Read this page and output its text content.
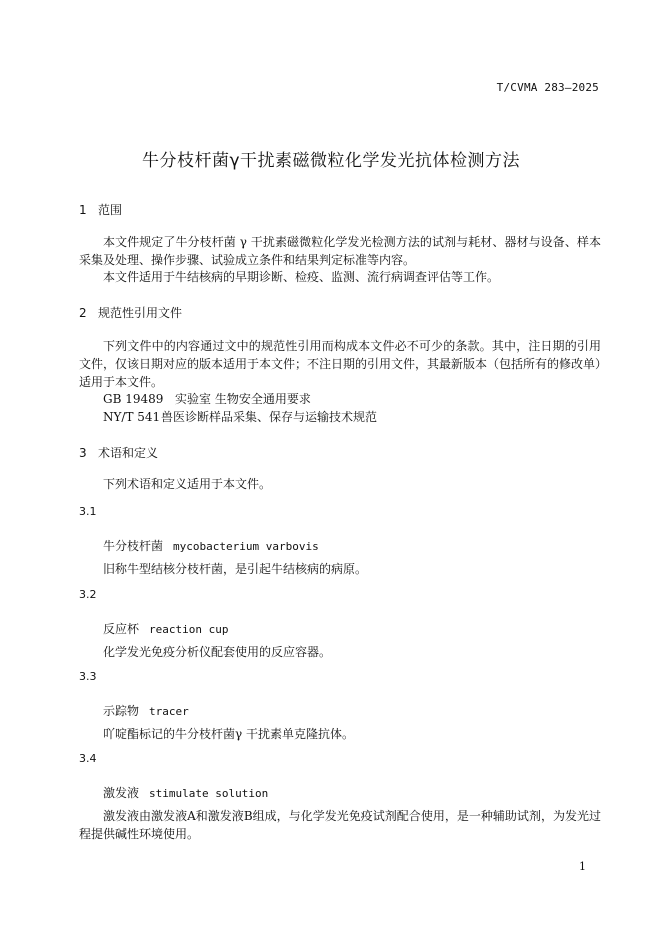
T/CVMA 283—2025
牛分枝杆菌γ干扰素磁微粒化学发光抗体检测方法
1 范围
本文件规定了牛分枝杆菌 γ 干扰素磁微粒化学发光检测方法的试剂与耗材、器材与设备、样本采集及处理、操作步骤、试验成立条件和结果判定标准等内容。
本文件适用于牛结核病的早期诊断、检疫、监测、流行病调查评估等工作。
2 规范性引用文件
下列文件中的内容通过文中的规范性引用而构成本文件必不可少的条款。其中，注日期的引用文件，仅该日期对应的版本适用于本文件；不注日期的引用文件，其最新版本（包括所有的修改单）适用于本文件。
GB 19489 实验室 生物安全通用要求
NY/T 541兽医诊断样品采集、保存与运输技术规范
3 术语和定义
下列术语和定义适用于本文件。
3.1
牛分枝杆菌 mycobacterium varbovis
旧称牛型结核分枝杆菌，是引起牛结核病的病原。
3.2
反应杯 reaction cup
化学发光免疫分析仪配套使用的反应容器。
3.3
示踪物 tracer
吖啶酯标记的牛分枝杆菌γ 干扰素单克隆抗体。
3.4
激发液 stimulate solution
激发液由激发液A和激发液B组成，与化学发光免疫试剂配合使用，是一种辅助试剂，为发光过程提供碱性环境使用。
1
